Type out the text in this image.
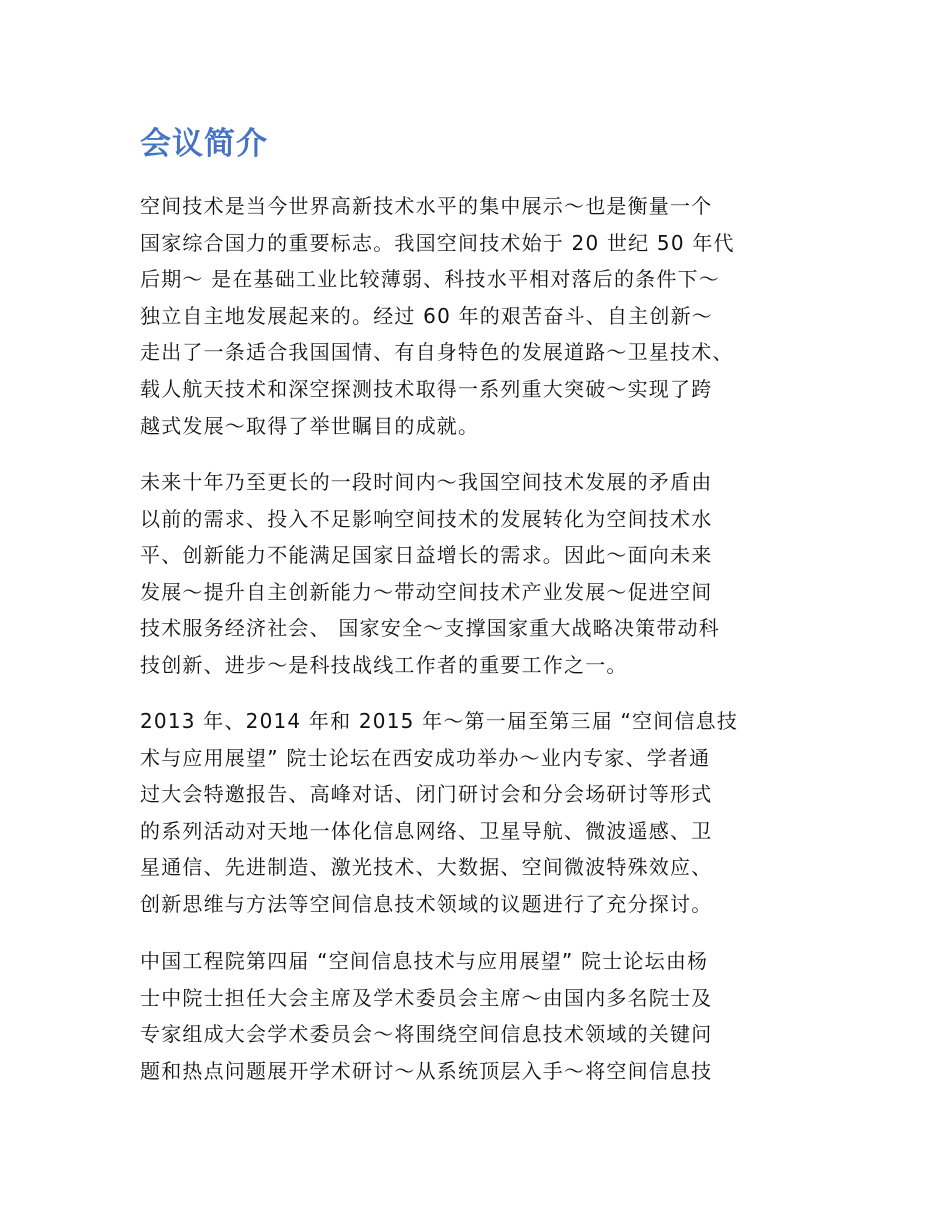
会议简介
空间技术是当今世界高新技术水平的集中展示～也是衡量一个
国家综合国力的重要标志。我国空间技术始于 20 世纪 50 年代
后期～ 是在基础工业比较薄弱、科技水平相对落后的条件下～
独立自主地发展起来的。经过 60 年的艰苦奋斗、自主创新～
走出了一条适合我国国情、有自身特色的发展道路～卫星技术、
载人航天技术和深空探测技术取得一系列重大突破～实现了跨
越式发展～取得了举世瞩目的成就。
未来十年乃至更长的一段时间内～我国空间技术发展的矛盾由
以前的需求、投入不足影响空间技术的发展转化为空间技术水
平、创新能力不能满足国家日益增长的需求。因此～面向未来
发展～提升自主创新能力～带动空间技术产业发展～促进空间
技术服务经济社会、 国家安全～支撑国家重大战略决策带动科
技创新、进步～是科技战线工作者的重要工作之一。
2013 年、2014 年和 2015 年～第一届至第三届 “空间信息技
术与应用展望” 院士论坛在西安成功举办～业内专家、学者通
过大会特邀报告、高峰对话、闭门研讨会和分会场研讨等形式
的系列活动对天地一体化信息网络、卫星导航、微波遥感、卫
星通信、先进制造、激光技术、大数据、空间微波特殊效应、
创新思维与方法等空间信息技术领域的议题进行了充分探讨。
中国工程院第四届 “空间信息技术与应用展望” 院士论坛由杨
士中院士担任大会主席及学术委员会主席～由国内多名院士及
专家组成大会学术委员会～将围绕空间信息技术领域的关键问
题和热点问题展开学术研讨～从系统顶层入手～将空间信息技
